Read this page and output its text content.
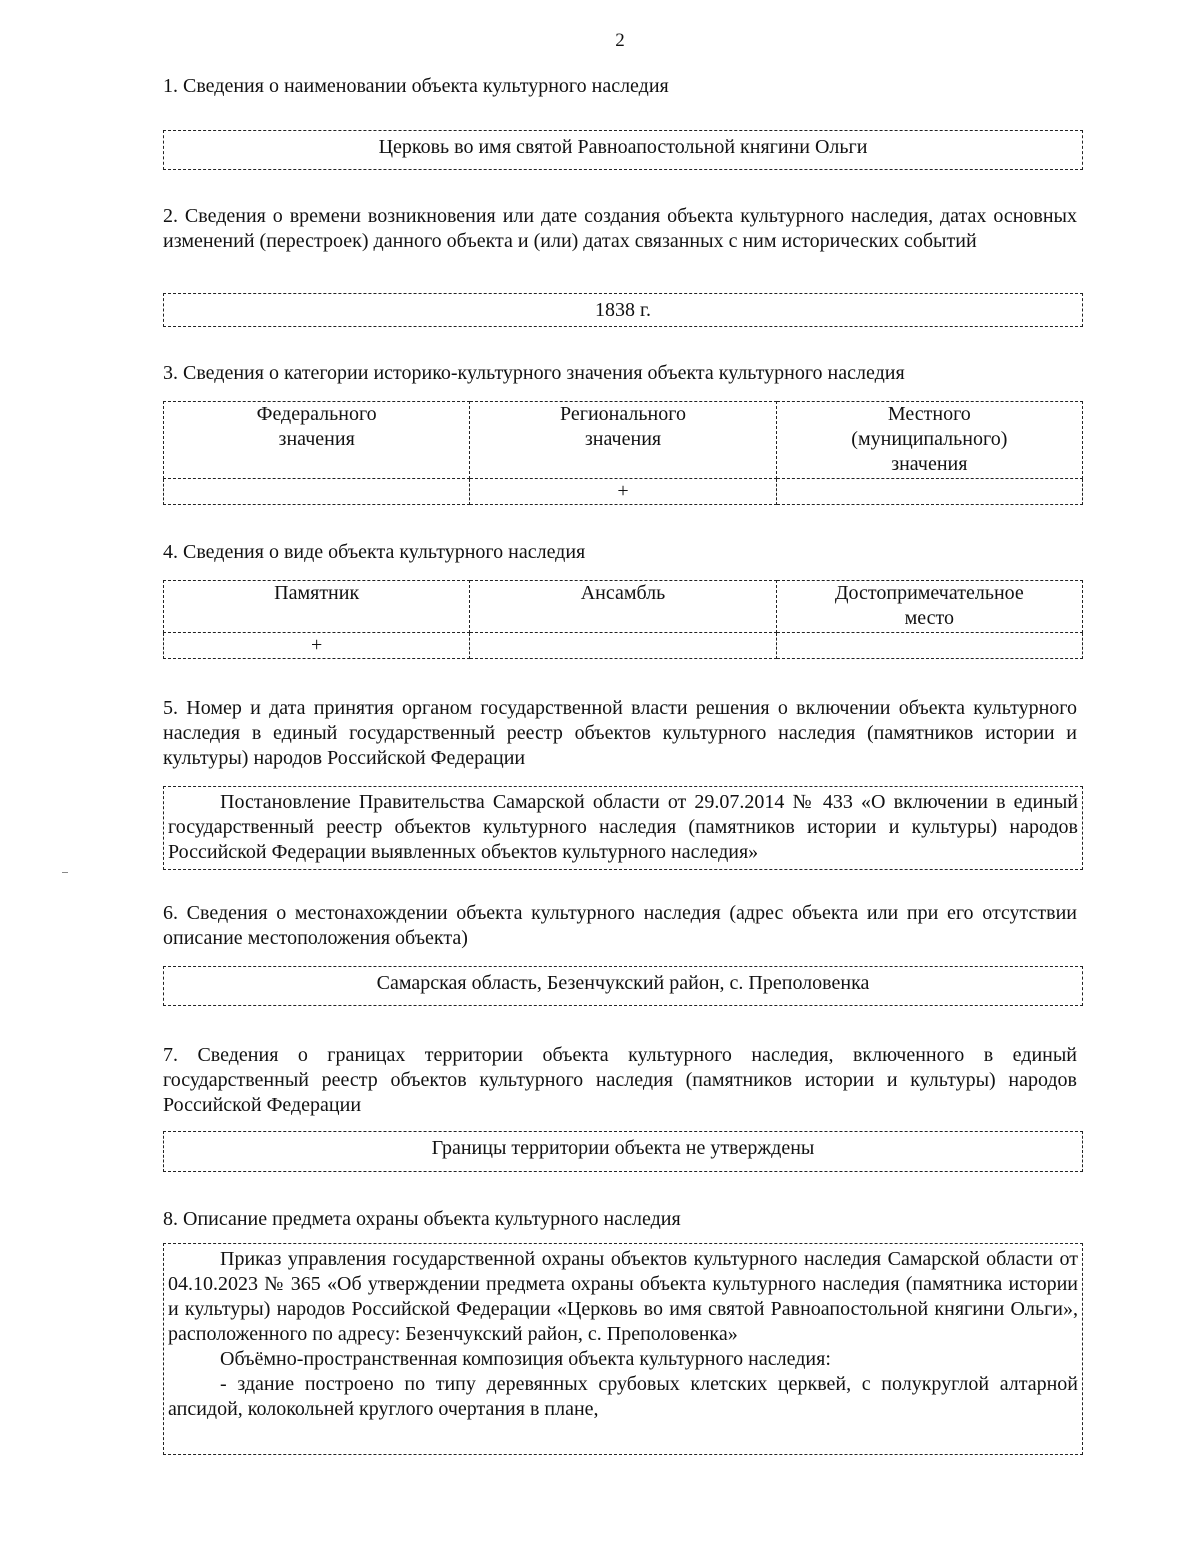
2
1. Сведения о наименовании объекта культурного наследия
Церковь во имя святой Равноапостольной княгини Ольги
2. Сведения о времени возникновения или дате создания объекта культурного наследия, датах основных изменений (перестроек) данного объекта и (или) датах связанных с ним исторических событий
1838 г.
3. Сведения о категории историко-культурного значения объекта культурного наследия
Федерального значения	Регионального значения	Местного (муниципального) значения
	+	
4. Сведения о виде объекта культурного наследия
Памятник	Ансамбль	Достопримечательное место
+		
5. Номер и дата принятия органом государственной власти решения о включении объекта культурного наследия в единый государственный реестр объектов культурного наследия (памятников истории и культуры) народов Российской Федерации

Постановление Правительства Самарской области от 29.07.2014 № 433 «О включении в единый государственный реестр объектов культурного наследия (памятников истории и культуры) народов Российской Федерации выявленных объектов культурного наследия»

6. Сведения о местонахождении объекта культурного наследия (адрес объекта или при его отсутствии описание местоположения объекта)
Самарская область, Безенчукский район, с. Преполовенка
7. Сведения о границах территории объекта культурного наследия, включенного в единый государственный реестр объектов культурного наследия (памятников истории и культуры) народов Российской Федерации
Границы территории объекта не утверждены
8. Описание предмета охраны объекта культурного наследия

Приказ управления государственной охраны объектов культурного наследия Самарской области от 04.10.2023 № 365 «Об утверждении предмета охраны объекта культурного наследия (памятника истории и культуры) народов Российской Федерации «Церковь во имя святой Равноапостольной княгини Ольги», расположенного по адресу: Безенчукский район, с. Преполовенка»

Объёмно-пространственная композиция объекта культурного наследия:

- здание построено по типу деревянных срубовых клетских церквей, с полукруглой алтарной апсидой, колокольней круглого очертания в плане,
